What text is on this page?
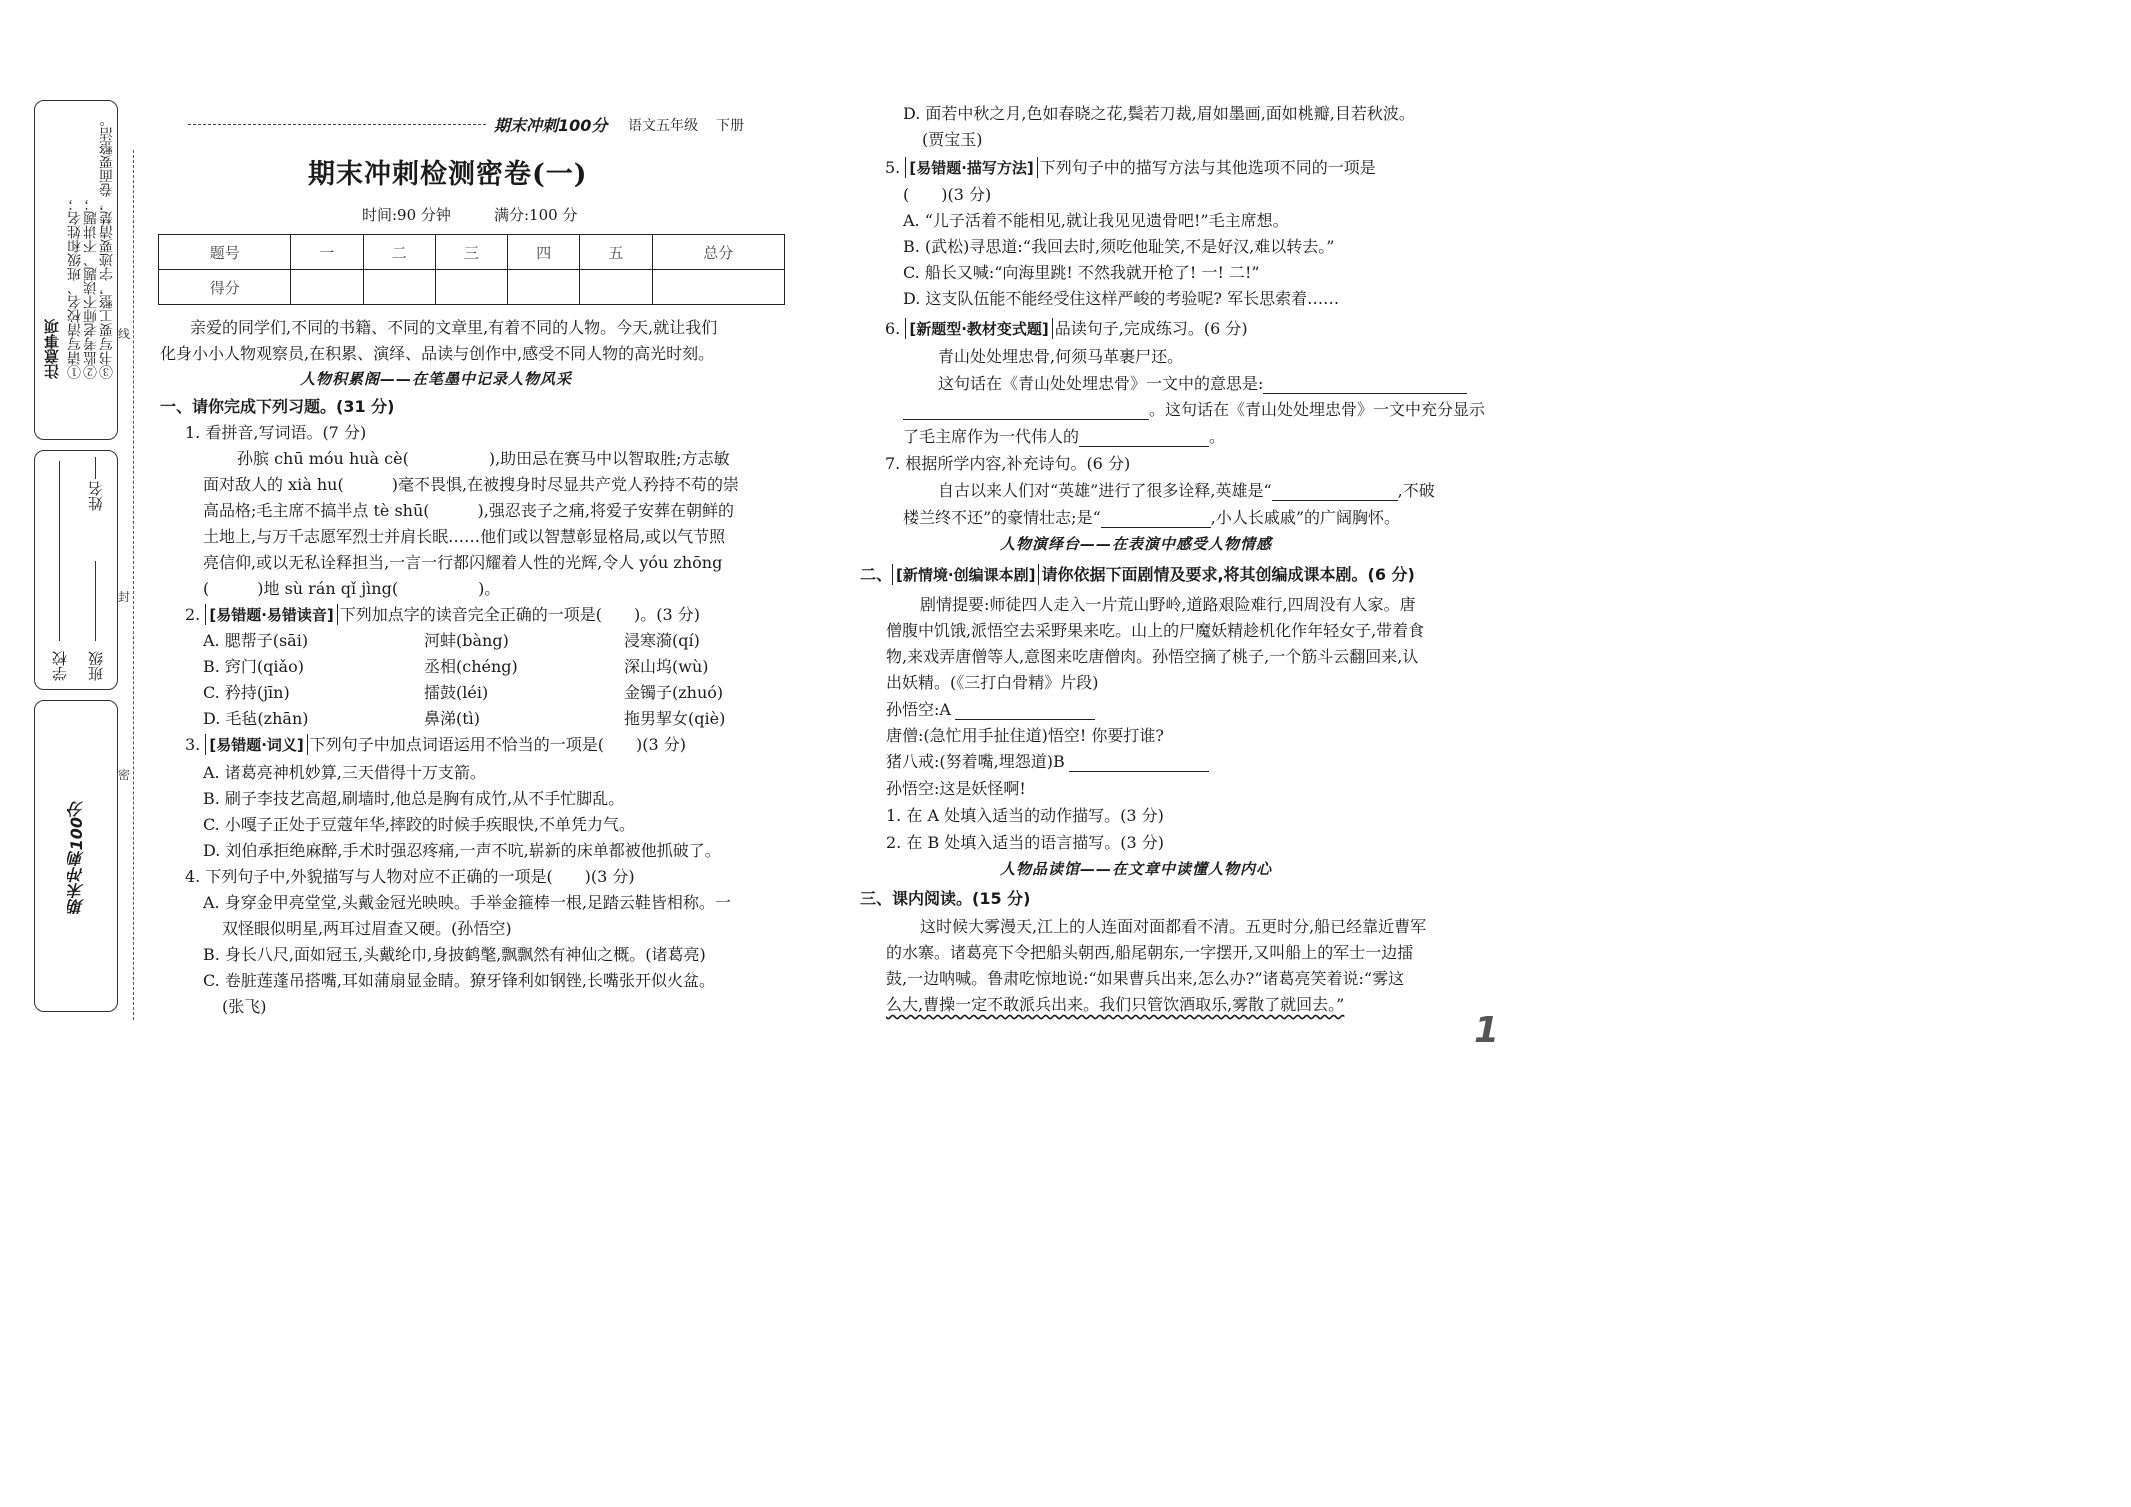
注意事项 ①请写清校名、班级和姓名； ②监考老师不读题、不讲题； ③书写要工整，字迹要清楚，卷面要整洁。
学校 班级
姓名
期末冲刺100分
线
封
密
期末冲刺100分 语文五年级 下册
期末冲刺检测密卷(一)
时间:90 分钟	满分:100 分
题号	一	二	三	四	五	总分
得分						
亲爱的同学们,不同的书籍、不同的文章里,有着不同的人物。今天,就让我们
化身小小人物观察员,在积累、演绎、品读与创作中,感受不同人物的高光时刻。
人物积累阁——在笔墨中记录人物风采
一、请你完成下列习题。(31 分)
1. 看拼音,写词语。(7 分)
孙膑 chū móu huà cè(　　　　　),助田忌在赛马中以智取胜;方志敏
面对敌人的 xià hu(　　　)毫不畏惧,在被搜身时尽显共产党人矜持不苟的崇
高品格;毛主席不搞半点 tè shū(　　　),强忍丧子之痛,将爱子安葬在朝鲜的
土地上,与万千志愿军烈士并肩长眠……他们或以智慧彰显格局,或以气节照
亮信仰,或以无私诠释担当,一言一行都闪耀着人性的光辉,令人 yóu zhōng
(　　　)地 sù rán qǐ jìng(　　　　　)。
2. [易错题·易错读音] 下列加点字的读音完全正确的一项是(　　)。(3 分)
A. 腮帮子(sāi)	河蚌(bàng)	浸寒漪(qí)
B. 窍门(qiǎo)	丞相(chéng)	深山坞(wù)
C. 矜持(jīn)	擂鼓(léi)	金镯子(zhuó)
D. 毛毡(zhān)	鼻涕(tì)	拖男挈女(qiè)
3. [易错题·词义] 下列句子中加点词语运用不恰当的一项是(　　)(3 分)
A. 诸葛亮神机妙算,三天借得十万支箭。
B. 刷子李技艺高超,刷墙时,他总是胸有成竹,从不手忙脚乱。
C. 小嘎子正处于豆蔻年华,摔跤的时候手疾眼快,不单凭力气。
D. 刘伯承拒绝麻醉,手术时强忍疼痛,一声不吭,崭新的床单都被他抓破了。
4. 下列句子中,外貌描写与人物对应不正确的一项是(　　)(3 分)
A. 身穿金甲亮堂堂,头戴金冠光映映。手举金箍棒一根,足踏云鞋皆相称。一
双怪眼似明星,两耳过眉查又硬。(孙悟空)
B. 身长八尺,面如冠玉,头戴纶巾,身披鹤氅,飘飘然有神仙之概。(诸葛亮)
C. 卷脏莲蓬吊搭嘴,耳如蒲扇显金睛。獠牙锋利如钢锉,长嘴张开似火盆。
(张飞)
D. 面若中秋之月,色如春晓之花,鬓若刀裁,眉如墨画,面如桃瓣,目若秋波。
(贾宝玉)
5. [易错题·描写方法] 下列句子中的描写方法与其他选项不同的一项是
(　　)(3 分)
A. “儿子活着不能相见,就让我见见遗骨吧!”毛主席想。
B. (武松)寻思道:“我回去时,须吃他耻笑,不是好汉,难以转去。”
C. 船长又喊:“向海里跳! 不然我就开枪了! 一! 二!”
D. 这支队伍能不能经受住这样严峻的考验呢? 军长思索着……
6. [新题型·教材变式题] 品读句子,完成练习。(6 分)
青山处处埋忠骨,何须马革裹尸还。
这句话在《青山处处埋忠骨》一文中的意思是:
。这句话在《青山处处埋忠骨》一文中充分显示
了毛主席作为一代伟人的	。
7. 根据所学内容,补充诗句。(6 分)
自古以来人们对“英雄”进行了很多诠释,英雄是“	,不破
楼兰终不还”的豪情壮志;是“	,小人长戚戚”的广阔胸怀。
人物演绎台——在表演中感受人物情感
二、 [新情境·创编课本剧] 请你依据下面剧情及要求,将其创编成课本剧。(6 分)
剧情提要:师徒四人走入一片荒山野岭,道路艰险难行,四周没有人家。唐
僧腹中饥饿,派悟空去采野果来吃。山上的尸魔妖精趁机化作年轻女子,带着食
物,来戏弄唐僧等人,意图来吃唐僧肉。孙悟空摘了桃子,一个筋斗云翻回来,认
出妖精。(《三打白骨精》片段)
孙悟空:A
唐僧:(急忙用手扯住道)悟空! 你要打谁?
猪八戒:(努着嘴,埋怨道)B
孙悟空:这是妖怪啊!
1. 在 A 处填入适当的动作描写。(3 分)
2. 在 B 处填入适当的语言描写。(3 分)
人物品读馆——在文章中读懂人物内心
三、课内阅读。(15 分)
这时候大雾漫天,江上的人连面对面都看不清。五更时分,船已经靠近曹军
的水寨。诸葛亮下令把船头朝西,船尾朝东,一字摆开,又叫船上的军士一边擂
鼓,一边呐喊。鲁肃吃惊地说:“如果曹兵出来,怎么办?”诸葛亮笑着说:“雾这
么大,曹操一定不敢派兵出来。我们只管饮酒取乐,雾散了就回去。”
1
